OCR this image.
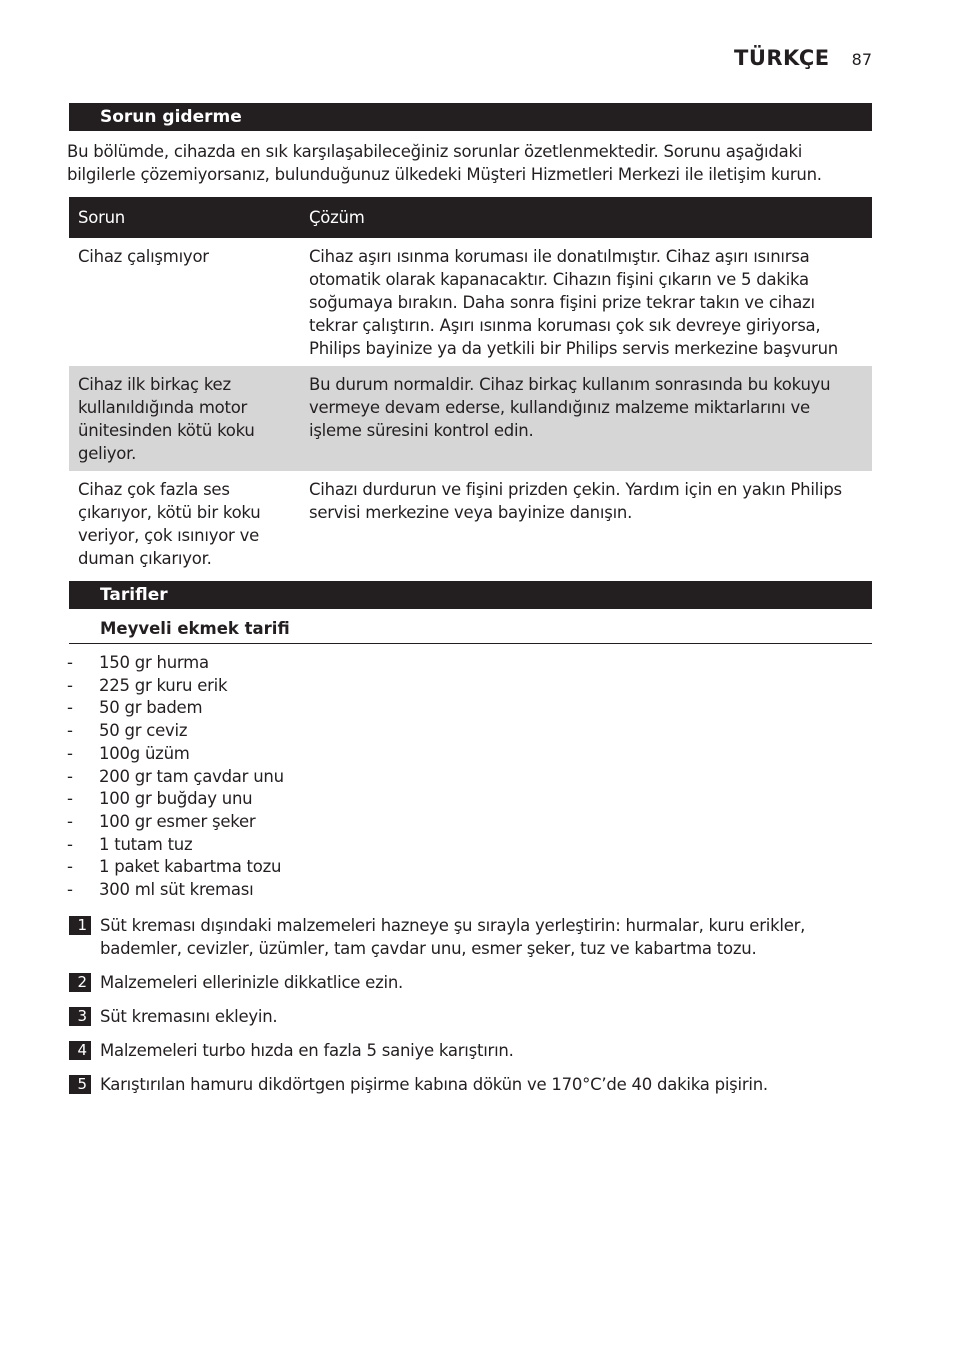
TÜRKÇE 87
Sorun giderme
Bu bölümde, cihazda en sık karşılaşabileceğiniz sorunlar özetlenmektedir. Sorunu aşağıdaki bilgilerle çözemiyorsanız, bulunduğunuz ülkedeki Müşteri Hizmetleri Merkezi ile iletişim kurun.
Sorun	Çözüm
Cihaz çalışmıyor	Cihaz aşırı ısınma koruması ile donatılmıştır. Cihaz aşırı ısınırsa otomatik olarak kapanacaktır. Cihazın fişini çıkarın ve 5 dakika soğumaya bırakın. Daha sonra fişini prize tekrar takın ve cihazı tekrar çalıştırın. Aşırı ısınma koruması çok sık devreye giriyorsa, Philips bayinize ya da yetkili bir Philips servis merkezine başvurun
Cihaz ilk birkaç kez kullanıldığında motor ünitesinden kötü koku geliyor.	Bu durum normaldir. Cihaz birkaç kullanım sonrasında bu kokuyu vermeye devam ederse, kullandığınız malzeme miktarlarını ve işleme süresini kontrol edin.
Cihaz çok fazla ses çıkarıyor, kötü bir koku veriyor, çok ısınıyor ve duman çıkarıyor.	Cihazı durdurun ve fişini prizden çekin. Yardım için en yakın Philips servisi merkezine veya bayinize danışın.
Tarifler
Meyveli ekmek tarifi
- 150 gr hurma
- 225 gr kuru erik
- 50 gr badem
- 50 gr ceviz
- 100g üzüm
- 200 gr tam çavdar unu
- 100 gr buğday unu
- 100 gr esmer şeker
- 1 tutam tuz
- 1 paket kabartma tozu
- 300 ml süt kreması
1 Süt kreması dışındaki malzemeleri hazneye şu sırayla yerleştirin: hurmalar, kuru erikler, bademler, cevizler, üzümler, tam çavdar unu, esmer şeker, tuz ve kabartma tozu.
2 Malzemeleri ellerinizle dikkatlice ezin.
3 Süt kremasını ekleyin.
4 Malzemeleri turbo hızda en fazla 5 saniye karıştırın.
5 Karıştırılan hamuru dikdörtgen pişirme kabına dökün ve 170°C’de 40 dakika pişirin.
